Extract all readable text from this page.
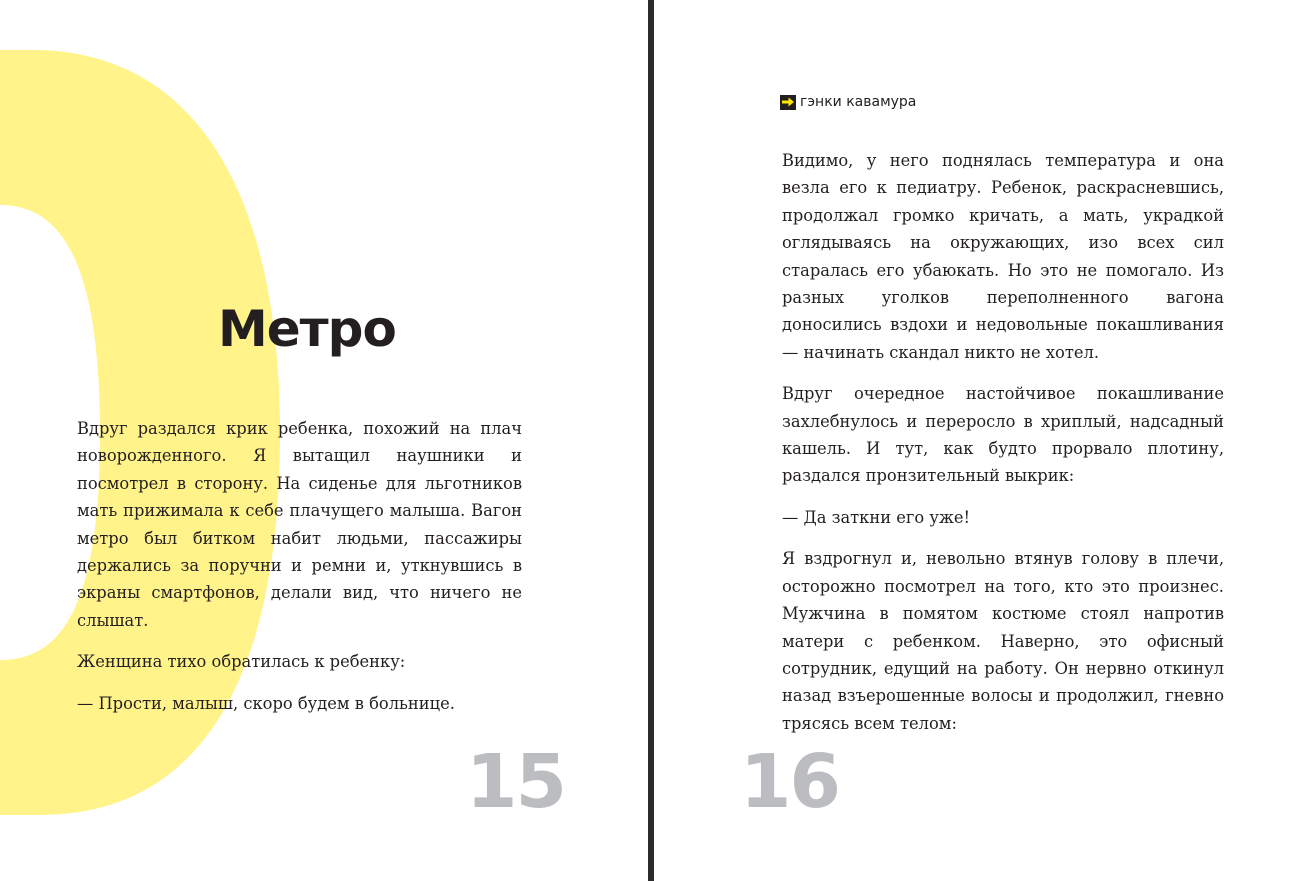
Метро

Вдруг раздался крик ребенка, похожий на плач новорожденного. Я вытащил наушники и посмотрел в сторону. На сиденье для льготников мать прижимала к себе плачущего малыша. Вагон метро был битком набит людьми, пассажиры держались за поручни и ремни и, уткнувшись в экраны смартфонов, делали вид, что ничего не слышат.

Женщина тихо обратилась к ребенку:

— Прости, малыш, скоро будем в больнице.

15
гэнки кавамура

Видимо, у него поднялась температура и она везла его к педиатру. Ребенок, раскрасневшись, продолжал громко кричать, а мать, украдкой оглядываясь на окружающих, изо всех сил старалась его убаюкать. Но это не помогало. Из разных уголков переполненного вагона доносились вздохи и недовольные покашливания — начинать скандал никто не хотел.

Вдруг очередное настойчивое покашливание захлебнулось и переросло в хриплый, надсадный кашель. И тут, как будто прорвало плотину, раздался пронзительный выкрик:

— Да заткни его уже!

Я вздрогнул и, невольно втянув голову в плечи, осторожно посмотрел на того, кто это произнес. Мужчина в помятом костюме стоял напротив матери с ребенком. Наверно, это офисный сотрудник, едущий на работу. Он нервно откинул назад взъерошенные волосы и продолжил, гневно трясясь всем телом:

16
